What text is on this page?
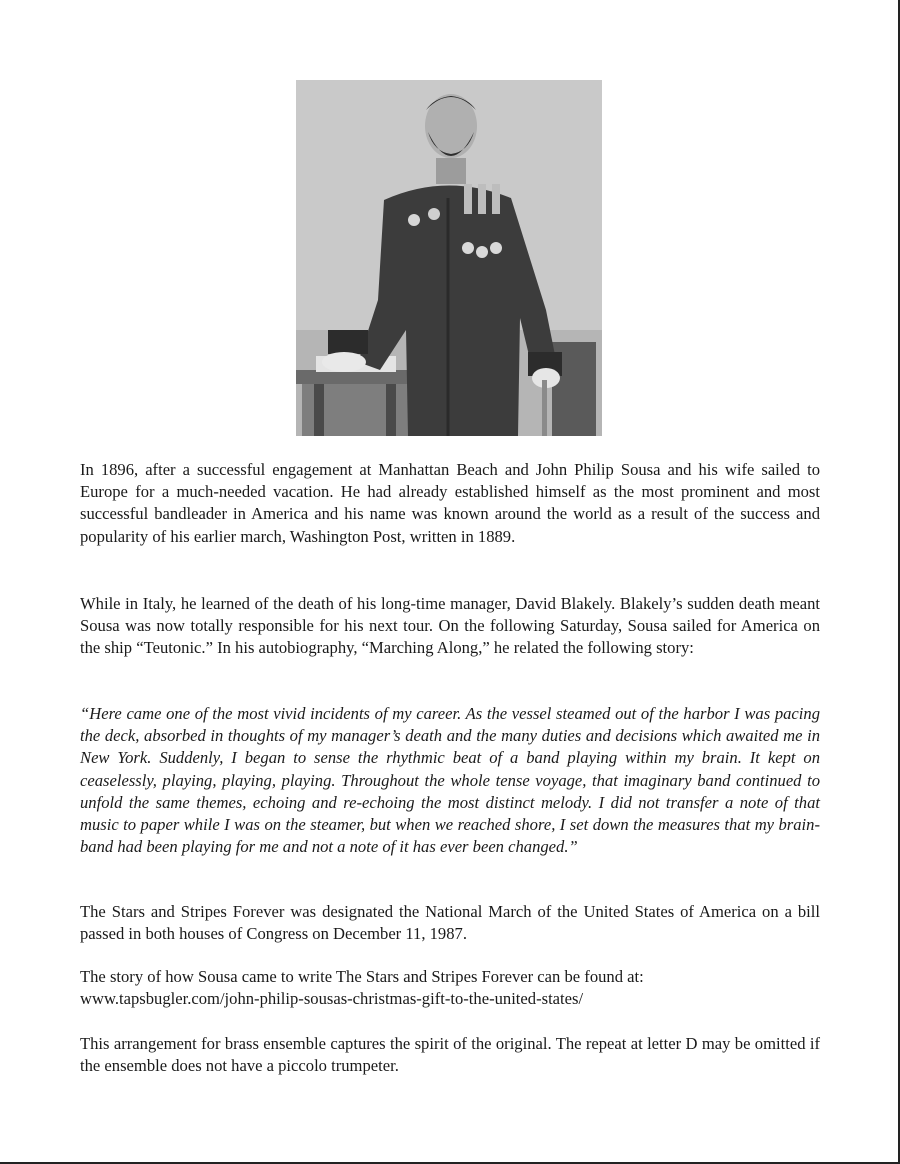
In 1896, after a successful engagement at Manhattan Beach and John Philip Sousa and his wife sailed to Europe for a much-needed vacation. He had already established himself as the most prominent and most successful bandleader in America and his name was known around the world as a result of the success and popularity of his earlier march, Washington Post, written in 1889.

While in Italy, he learned of the death of his long-time manager, David Blakely. Blakely’s sudden death meant Sousa was now totally responsible for his next tour. On the following Saturday, Sousa sailed for America on the ship “Teutonic.” In his autobiography, “Marching Along,” he related the following story:

“Here came one of the most vivid incidents of my career. As the vessel steamed out of the harbor I was pacing the deck, absorbed in thoughts of my manager’s death and the many duties and decisions which awaited me in New York. Suddenly, I began to sense the rhythmic beat of a band playing within my brain. It kept on ceaselessly, playing, playing, playing. Throughout the whole tense voyage, that imaginary band continued to unfold the same themes, echoing and re-echoing the most distinct melody. I did not transfer a note of that music to paper while I was on the steamer, but when we reached shore, I set down the measures that my brain-band had been playing for me and not a note of it has ever been changed.”

The Stars and Stripes Forever was designated the National March of the United States of America on a bill passed in both houses of Congress on December 11, 1987.

The story of how Sousa came to write The Stars and Stripes Forever can be found at:
www.tapsbugler.com/john-philip-sousas-christmas-gift-to-the-united-states/

This arrangement for brass ensemble captures the spirit of the original. The repeat at letter D may be omitted if the ensemble does not have a piccolo trumpeter.
